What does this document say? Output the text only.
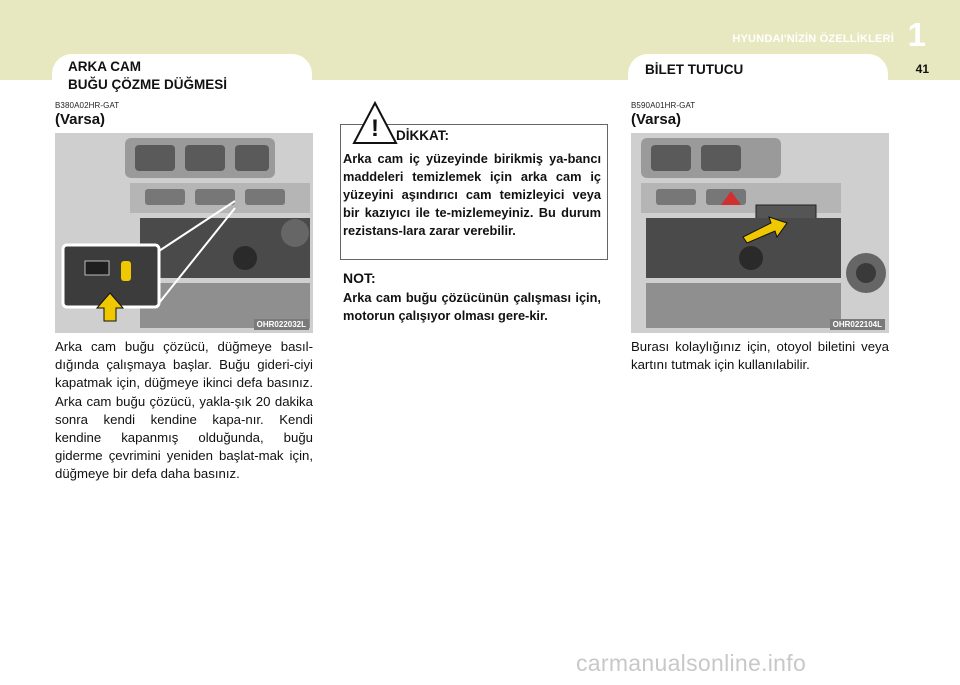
HYUNDAI'NİZİN ÖZELLİKLERİ 1
41
ARKA CAM
BUĞU ÇÖZME DÜĞMESİ
B380A02HR-GAT
(Varsa)
OHR022032L
Arka cam buğu çözücü, düğmeye basıl-dığında çalışmaya başlar. Buğu gideri-ciyi kapatmak için, düğmeye ikinci defa basınız. Arka cam buğu çözücü, yakla-şık 20 dakika sonra kendi kendine kapa-nır. Kendi kendine kapanmış olduğunda, buğu giderme çevrimini yeniden başlat-mak için, düğmeye bir defa daha basınız.
!	DİKKAT:
Arka cam iç yüzeyinde birikmiş ya-bancı maddeleri temizlemek için arka cam iç yüzeyini aşındırıcı cam temizleyici veya bir kazıyıcı ile te-mizlemeyiniz. Bu durum rezistans-lara zarar verebilir.
NOT:
Arka cam buğu çözücünün çalışması için, motorun çalışıyor olması gere-kir.
BİLET TUTUCU
B590A01HR-GAT
(Varsa)
OHR022104L
Burası kolaylığınız için, otoyol biletini veya kartını tutmak için kullanılabilir.
carmanualsonline.info
